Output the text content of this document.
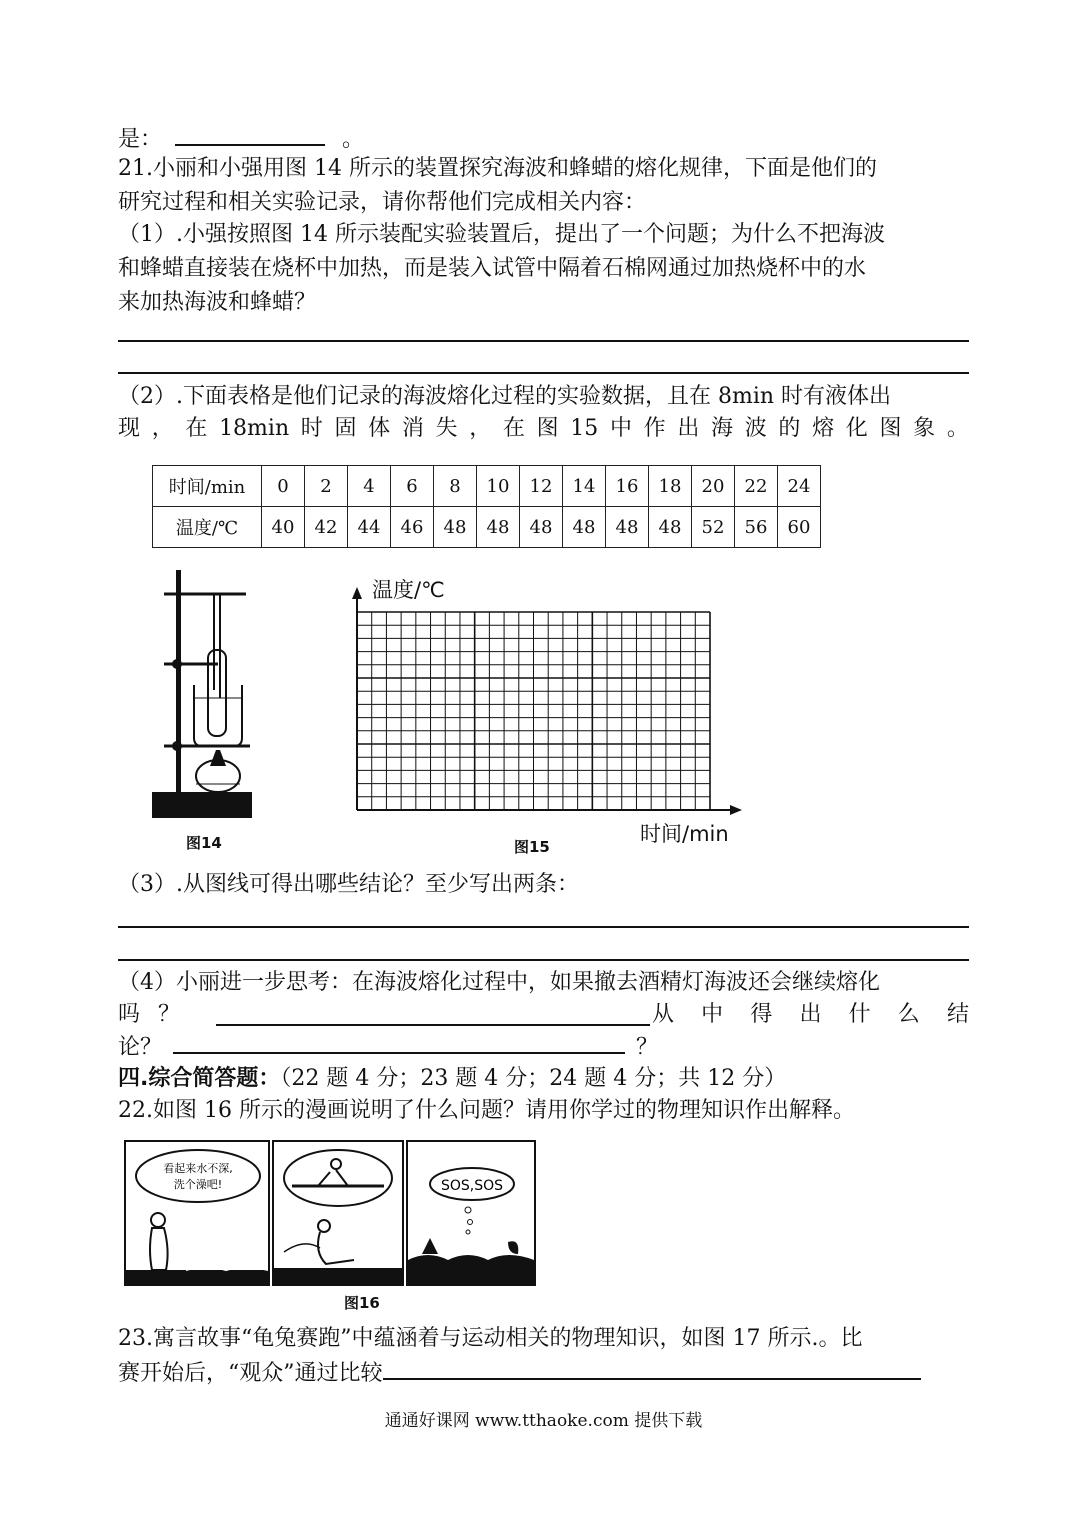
是：	。
21.小丽和小强用图 14 所示的装置探究海波和蜂蜡的熔化规律，下面是他们的
研究过程和相关实验记录，请你帮他们完成相关内容：
（1）.小强按照图 14 所示装配实验装置后，提出了一个问题；为什么不把海波
和蜂蜡直接装在烧杯中加热，而是装入试管中隔着石棉网通过加热烧杯中的水
来加热海波和蜂蜡？
（2）.下面表格是他们记录的海波熔化过程的实验数据，且在 8min 时有液体出
现 ， 在 18min 时 固 体 消 失 ， 在 图 15 中 作 出 海 波 的 熔 化 图 象 。
时间/min	0	2	4	6	8	10	12	14	16	18	20	22	24
温度/℃	40	42	44	46	48	48	48	48	48	48	52	56	60
图14
温度/℃
时间/min
图15
（3）.从图线可得出哪些结论？至少写出两条：
（4）小丽进一步思考：在海波熔化过程中，如果撤去酒精灯海波还会继续熔化
吗 ？	从 中 得 出 什 么 结
论？	？
四.综合简答题：（22 题 4 分；23 题 4 分；24 题 4 分；共 12 分）
22.如图 16 所示的漫画说明了什么问题？请用你学过的物理知识作出解释。
看起来水不深,
洗个澡吧!	SOS,SOS
图16
23.寓言故事“龟兔赛跑”中蕴涵着与运动相关的物理知识，如图 17 所示.。比
赛开始后，“观众”通过比较
通通好课网 www.tthaoke.com 提供下载
